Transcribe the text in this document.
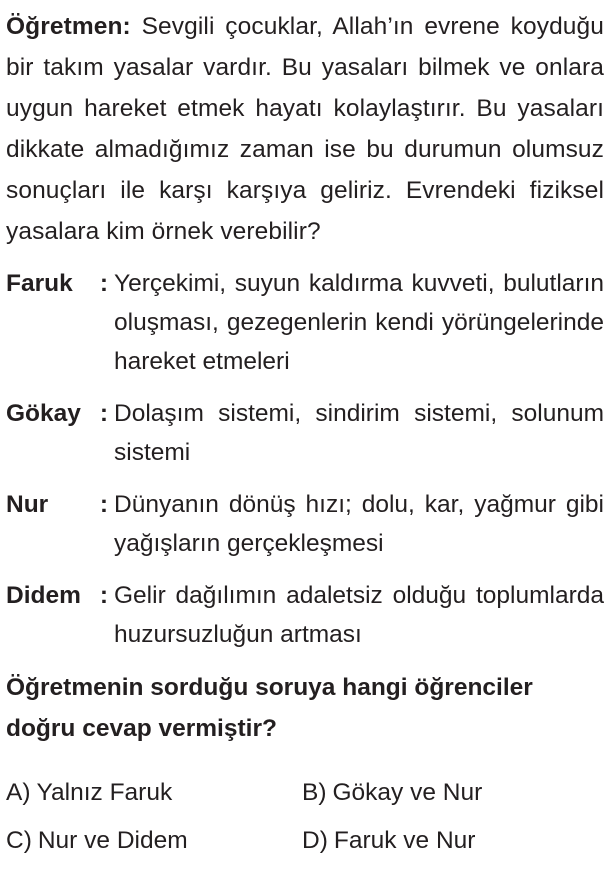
Öğretmen: Sevgili çocuklar, Allah’ın evrene koyduğu bir takım yasalar vardır. Bu yasaları bilmek ve onlara uygun hareket etmek hayatı kolaylaştırır. Bu yasaları dikkate almadığımız zaman ise bu durumun olumsuz sonuçları ile karşı karşıya geliriz. Evrendeki fiziksel yasalara kim örnek verebilir?

Faruk	: Yerçekimi, suyun kaldırma kuvveti, bulutların oluşması, gezegenlerin kendi yörüngelerinde hareket etmeleri
Gökay : Dolaşım sistemi, sindirim sistemi, solunum sistemi
Nur	: Dünyanın dönüş hızı; dolu, kar, yağmur gibi yağışların gerçekleşmesi
Didem : Gelir dağılımın adaletsiz olduğu toplumlarda huzursuzluğun artması

Öğretmenin sorduğu soruya hangi öğrenciler doğru cevap vermiştir?

A) Yalnız Faruk	B) Gökay ve Nur
C) Nur ve Didem	D) Faruk ve Nur
